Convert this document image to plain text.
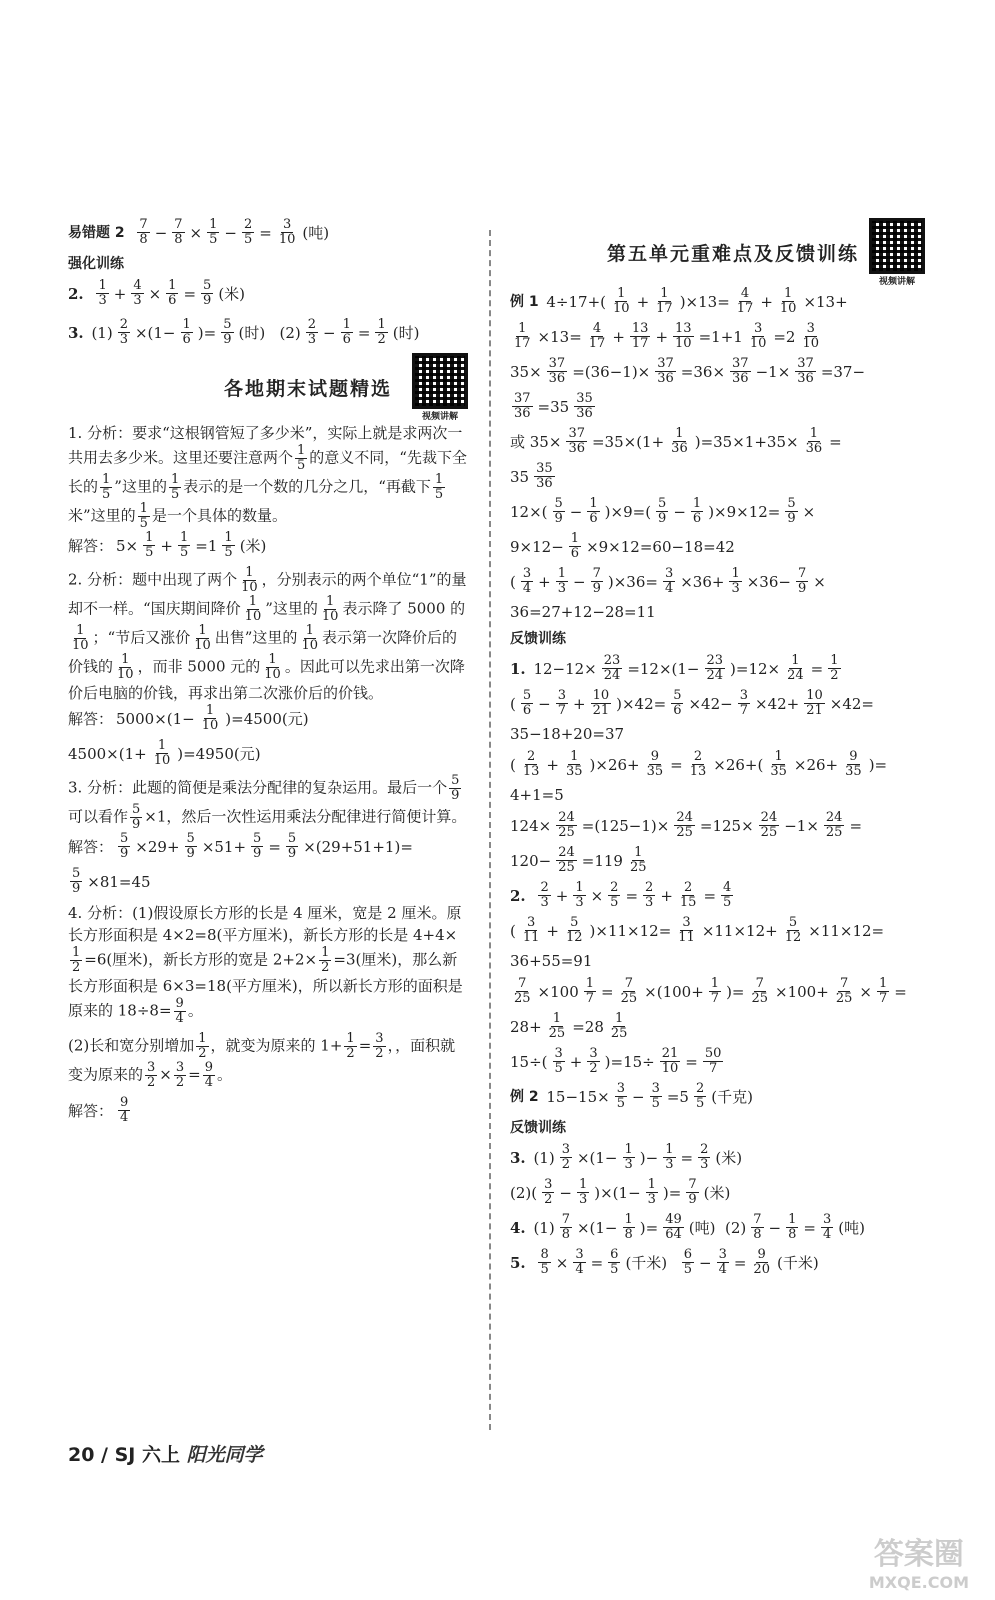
易错题 2
$\frac{7}{8} - \frac{7}{8} \times \frac{1}{5} - \frac{2}{5} = \frac{3}{10}$ (吨)
强化训练
2.
$\frac{1}{3} + \frac{4}{3} \times \frac{1}{6} = \frac{5}{9}$ (米)
3. $(1) \frac{2}{3} \times(1- \frac{1}{6}$ )= $\frac{5}{9}$ (时)   $(2) \frac{2}{3} - \frac{1}{6} = \frac{1}{2}$ (时)
各地期末试题精选
视频讲解
1. 分析：要求“这根钢管短了多少米”，实际上就是求两次一共用去多少米。这里还要注意两个 $\frac{1}{5}$ 的意义不同，“先裁下全长的 $\frac{1}{5}$ ”这里的 $\frac{1}{5}$ 表示的是一个数的几分之几，“再截下 $\frac{1}{5}$
米”这里的 $\frac{1}{5}$ 是一个具体的数量。
解答： $5\times \frac{1}{5} + \frac{1}{5} =1 \frac{1}{5}$ (米)
2. 分析：题中出现了两个 $\frac{1}{10}$ ，分别表示的两个单位“1”的量却不一样。“国庆期间降价 $\frac{1}{10}$ ”这里的 $\frac{1}{10}$ 表示降了 5000 的
$\frac{1}{10}$ ；“节后又涨价 $\frac{1}{10}$ 出售”这里的 $\frac{1}{10}$ 表示第一次降价后的价钱的 $\frac{1}{10}$ ，而非 5000 元的 $\frac{1}{10}$ 。因此可以先求出第一次降价后电脑的价钱，再求出第二次涨价后的价钱。
解答： $5000\times(1- \frac{1}{10} )=4500$(元)
$4500\times(1+ \frac{1}{10} )=4950$(元)
3. 分析：此题的简便是乘法分配律的复杂运用。最后一个 $\frac{5}{9}$
可以看作 $\frac{5}{9} \times 1$，然后一次性运用乘法分配律进行简便计算。
解答： $\frac{5}{9} \times 29+ \frac{5}{9} \times 51+ \frac{5}{9} = \frac{5}{9} \times(29+51+1)=$
$\frac{5}{9} \times 81=45$
4. 分析：(1)假设原长方形的长是 4 厘米，宽是 2 厘米。原长方形面积是 4×2=8(平方厘米)，新长方形的长是 4+4×
$\frac{1}{2} =6$(厘米)，新长方形的宽是 $2+2\times \frac{1}{2} =3$(厘米)，那么新长方形面积是 6×3=18(平方厘米)，所以新长方形的面积是原来的 $18\div 8= \frac{9}{4}$ 。
(2)长和宽分别增加 $\frac{1}{2}$ ，就变为原来的 $1+ \frac{1}{2} = \frac{3}{2}$ ，，面积就变为原来的 $\frac{3}{2} \times \frac{3}{2} = \frac{9}{4}$ 。
解答： $\frac{9}{4}$
第五单元重难点及反馈训练
视频讲解
例 1 $4\div 17+( \frac{1}{10} + \frac{1}{17} )\times 13= \frac{4}{17} + \frac{1}{10} \times 13+$
$\frac{1}{17} \times 13= \frac{4}{17} + \frac{13}{17} + \frac{13}{10} =1+1 \frac{3}{10} =2 \frac{3}{10}$
$35\times \frac{37}{36} =(36-1)\times \frac{37}{36} =36\times \frac{37}{36} -1\times \frac{37}{36} =37-$
$\frac{37}{36} =35 \frac{35}{36}$
或 $35\times \frac{37}{36} =35\times(1+ \frac{1}{36} )=35\times 1+35\times \frac{1}{36}$ =
$35 \frac{35}{36}$
$12\times( \frac{5}{9} - \frac{1}{6} )\times 9=( \frac{5}{9} - \frac{1}{6} )\times 9\times 12= \frac{5}{9}$ ×
$9\times 12- \frac{1}{6} \times 9\times 12=60-18=42$
( $\frac{3}{4} + \frac{1}{3} - \frac{7}{9} )\times 36= \frac{3}{4} \times 36+ \frac{1}{3} \times 36- \frac{7}{9}$ ×
36=27+12−28=11
反馈训练
1. $12-12\times \frac{23}{24} =12\times(1- \frac{23}{24} )=12\times \frac{1}{24} = \frac{1}{2}$
( $\frac{5}{6} - \frac{3}{7} + \frac{10}{21} )\times 42= \frac{5}{6} \times 42- \frac{3}{7} \times 42+ \frac{10}{21} \times 42=$
35−18+20=37
( $\frac{2}{13} + \frac{1}{35} )\times 26+ \frac{9}{35} = \frac{2}{13} \times 26+( \frac{1}{35} \times 26+ \frac{9}{35}$ )=
4+1=5
$124\times \frac{24}{25} =(125-1)\times \frac{24}{25} =125\times \frac{24}{25} -1\times \frac{24}{25}$ =
$120- \frac{24}{25} =119 \frac{1}{25}$
2.
$\frac{2}{3} + \frac{1}{3} \times \frac{2}{5} = \frac{2}{3} + \frac{2}{15} = \frac{4}{5}$
( $\frac{3}{11} + \frac{5}{12} )\times 11\times 12= \frac{3}{11} \times 11\times 12+ \frac{5}{12} \times 11\times 12=$
36+55=91
$\frac{7}{25} \times 100 \frac{1}{7} = \frac{7}{25} \times(100+ \frac{1}{7}$ )= $\frac{7}{25} \times 100+ \frac{7}{25} \times \frac{1}{7}$ =
$28+ \frac{1}{25} =28 \frac{1}{25}$
$15\div( \frac{3}{5} + \frac{3}{2} )=15\div \frac{21}{10} = \frac{50}{7}$
例 2 $15-15\times \frac{3}{5} - \frac{3}{5} =5 \frac{2}{5}$ (千克)
反馈训练
3. $(1) \frac{3}{2} \times(1- \frac{1}{3}$ )− $\frac{1}{3} = \frac{2}{3}$ (米)
$(2)( \frac{3}{2} - \frac{1}{3} )\times(1- \frac{1}{3}$ )= $\frac{7}{9}$ (米)
4. $(1) \frac{7}{8} \times(1- \frac{1}{8}$ )= $\frac{49}{64}$ (吨)  $(2) \frac{7}{8} - \frac{1}{8} = \frac{3}{4}$ (吨)
5.
$\frac{8}{5} \times \frac{3}{4} = \frac{6}{5}$ (千米) $\frac{6}{5} - \frac{3}{4} = \frac{9}{20}$ (千米)
20 / SJ 六上 阳光同学
答案圈
MXQE.COM
